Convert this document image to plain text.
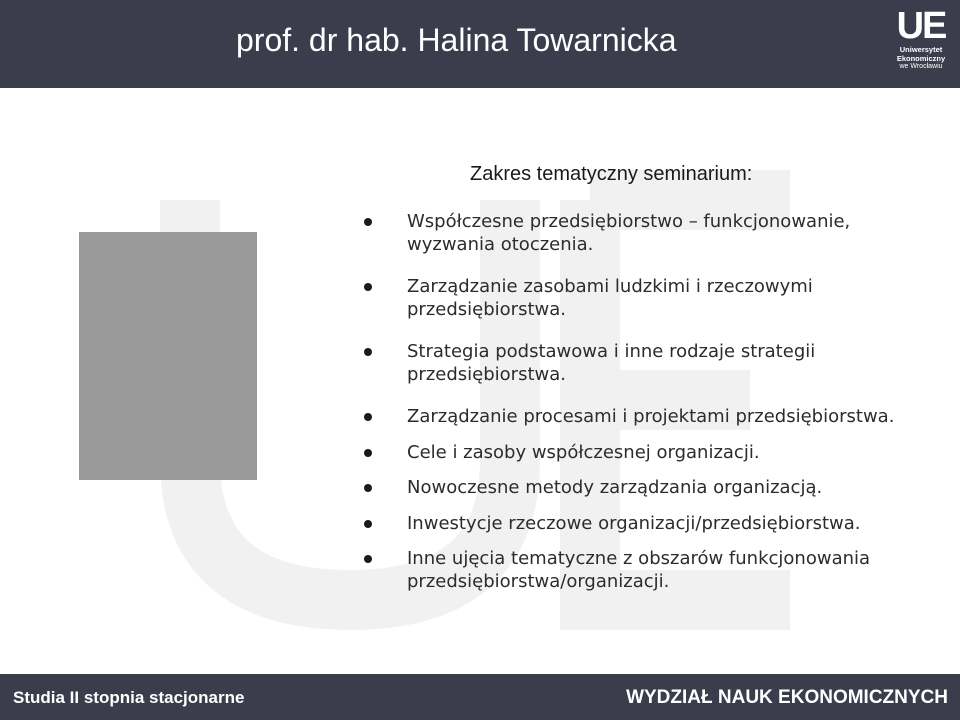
prof. dr hab. Halina Towarnicka	UE
Uniwersytet
Ekonomiczny
we Wrocławiu
Zakres tematyczny seminarium:
Współczesne przedsiębiorstwo – funkcjonowanie, wyzwania otoczenia.
Zarządzanie zasobami ludzkimi i rzeczowymi przedsiębiorstwa.
Strategia podstawowa i inne rodzaje strategii przedsiębiorstwa.
Zarządzanie procesami i projektami przedsiębiorstwa.
Cele i zasoby współczesnej organizacji.
Nowoczesne metody zarządzania organizacją.
Inwestycje rzeczowe organizacji/przedsiębiorstwa.
Inne ujęcia tematyczne z obszarów funkcjonowania przedsiębiorstwa/organizacji.
Studia II stopnia stacjonarne	WYDZIAŁ NAUK EKONOMICZNYCH
